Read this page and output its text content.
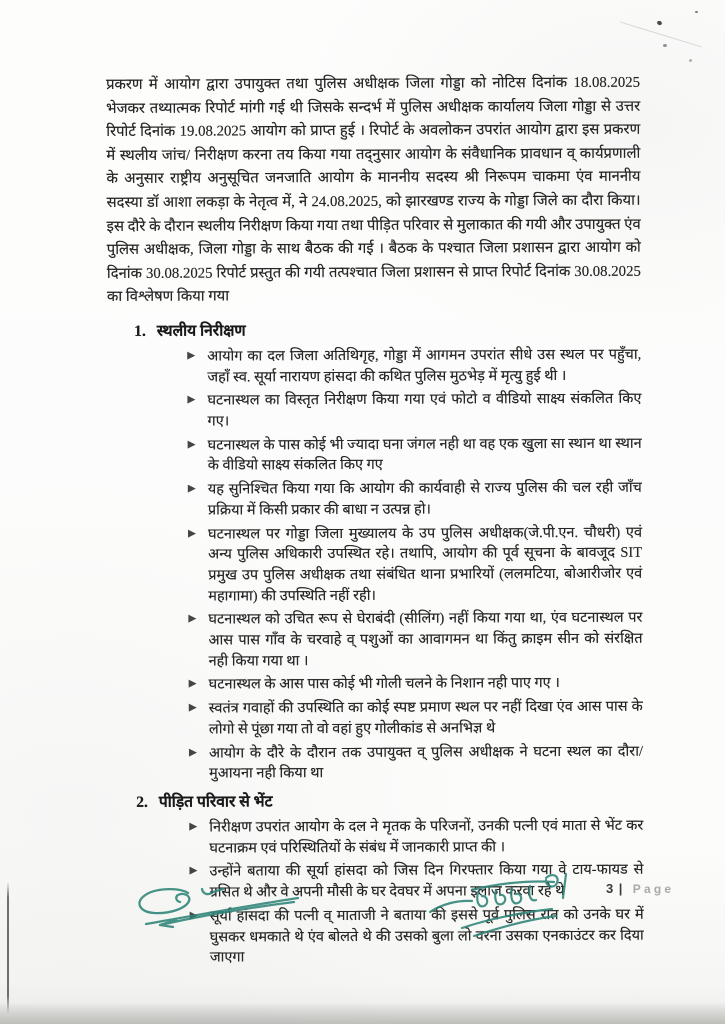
प्रकरण में आयोग द्वारा उपायुक्त तथा पुलिस अधीक्षक जिला गोड्डा को नोटिस दिनांक 18.08.2025 भेजकर तथ्यात्मक रिपोर्ट मांगी गई थी जिसके सन्दर्भ में पुलिस अधीक्षक कार्यालय जिला गोड्डा से उत्तर रिपोर्ट दिनांक 19.08.2025 आयोग को प्राप्त हुई । रिपोर्ट के अवलोकन उपरांत आयोग द्वारा इस प्रकरण में स्थलीय जांच/ निरीक्षण करना तय किया गया तद्नुसार आयोग के संवैधानिक प्रावधान व् कार्यप्रणाली के अनुसार राष्ट्रीय अनुसूचित जनजाति आयोग के माननीय सदस्य श्री निरूपम चाकमा एंव माननीय सदस्या डॉ आशा लकड़ा के नेतृत्व में, ने 24.08.2025, को झारखण्ड राज्य के गोड्डा जिले का दौरा किया। इस दौरे के दौरान स्थलीय निरीक्षण किया गया तथा पीड़ित परिवार से मुलाकात की गयी और उपायुक्त एंव पुलिस अधीक्षक, जिला गोड्डा के साथ बैठक की गई । बैठक के पश्चात जिला प्रशासन द्वारा आयोग को दिनांक 30.08.2025 रिपोर्ट प्रस्तुत की गयी तत्पश्चात जिला प्रशासन से प्राप्त रिपोर्ट दिनांक 30.08.2025 का विश्लेषण किया गया

1. स्थलीय निरीक्षण
आयोग का दल जिला अतिथिगृह, गोड्डा में आगमन उपरांत सीधे उस स्थल पर पहुँचा, जहाँ स्व. सूर्या नारायण हांसदा की कथित पुलिस मुठभेड़ में मृत्यु हुई थी ।
घटनास्थल का विस्तृत निरीक्षण किया गया एवं फोटो व वीडियो साक्ष्य संकलित किए गए।
घटनास्थल के पास कोई भी ज्यादा घना जंगल नही था वह एक खुला सा स्थान था स्थान के वीडियो साक्ष्य संकलित किए गए
यह सुनिश्चित किया गया कि आयोग की कार्यवाही से राज्य पुलिस की चल रही जाँच प्रक्रिया में किसी प्रकार की बाधा न उत्पन्न हो।
घटनास्थल पर गोड्डा जिला मुख्यालय के उप पुलिस अधीक्षक(जे.पी.एन. चौधरी) एवं अन्य पुलिस अधिकारी उपस्थित रहे। तथापि, आयोग की पूर्व सूचना के बावजूद SIT प्रमुख उप पुलिस अधीक्षक तथा संबंधित थाना प्रभारियों (ललमटिया, बोआरीजोर एवं महागामा) की उपस्थिति नहीं रही।
घटनास्थल को उचित रूप से घेराबंदी (सीलिंग) नहीं किया गया था, एंव घटनास्थल पर आस पास गाँव के चरवाहे व् पशुओं का आवागमन था किंतु क्राइम सीन को संरक्षित नही किया गया था ।
घटनास्थल के आस पास कोई भी गोली चलने के निशान नही पाए गए ।
स्वतंत्र गवाहों की उपस्थिति का कोई स्पष्ट प्रमाण स्थल पर नहीं दिखा एंव आस पास के लोगो से पूंछा गया तो वो वहां हुए गोलीकांड से अनभिज्ञ थे
आयोग के दौरे के दौरान तक उपायुक्त व् पुलिस अधीक्षक ने घटना स्थल का दौरा/ मुआयना नही किया था
2. पीड़ित परिवार से भेंट
निरीक्षण उपरांत आयोग के दल ने मृतक के परिजनों, उनकी पत्नी एवं माता से भेंट कर घटनाक्रम एवं परिस्थितियों के संबंध में जानकारी प्राप्त की ।
उन्होंने बताया की सूर्या हांसदा को जिस दिन गिरफ्तार किया गया वे टाय-फायड से ग्रसित थे और वे अपनी मौसी के घर देवघर में अपना इलाज करवा रहे थे
सूर्या हांसदा की पत्नी व् माताजी ने बताया की इससे पूर्व पुलिस रात को उनके घर में घुसकर धमकाते थे एंव बोलते थे की उसको बुला लो वरना उसका एनकाउंटर कर दिया जाएगा
3 | Page
